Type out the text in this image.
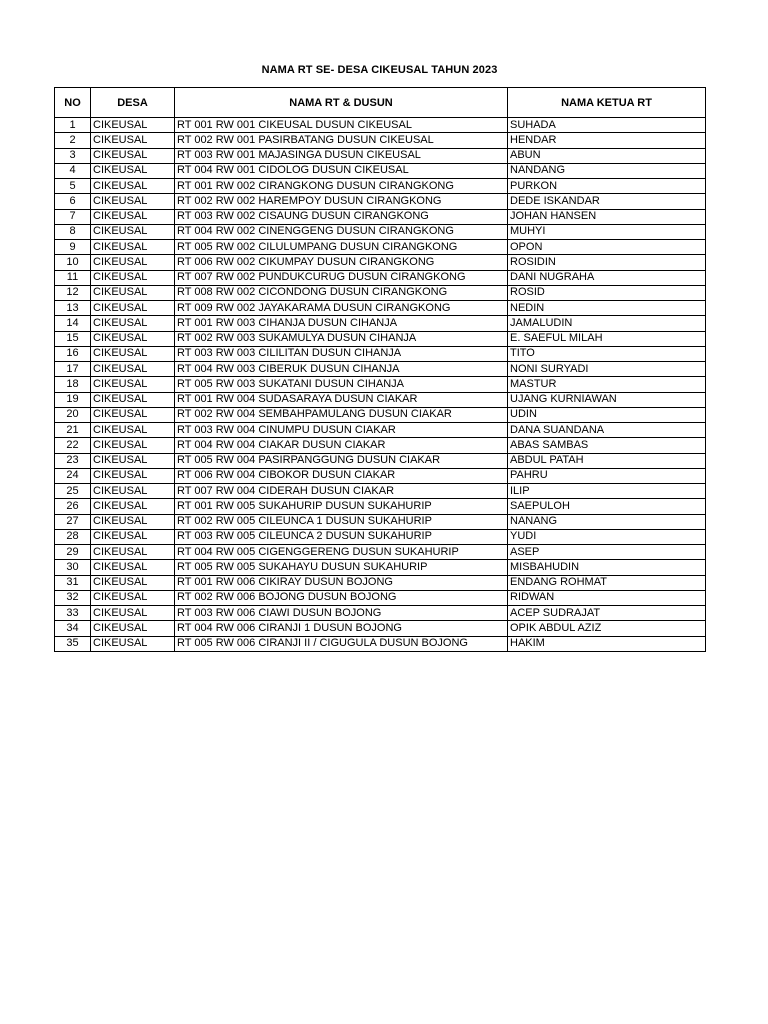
NAMA RT SE- DESA CIKEUSAL TAHUN 2023
NO	DESA	NAMA RT & DUSUN	NAMA KETUA RT
1	CIKEUSAL	RT 001 RW 001 CIKEUSAL DUSUN CIKEUSAL	SUHADA
2	CIKEUSAL	RT 002 RW 001 PASIRBATANG DUSUN CIKEUSAL	HENDAR
3	CIKEUSAL	RT 003 RW 001 MAJASINGA DUSUN CIKEUSAL	ABUN
4	CIKEUSAL	RT 004 RW 001 CIDOLOG DUSUN CIKEUSAL	NANDANG
5	CIKEUSAL	RT 001 RW 002 CIRANGKONG DUSUN CIRANGKONG	PURKON
6	CIKEUSAL	RT 002 RW 002 HAREMPOY DUSUN CIRANGKONG	DEDE ISKANDAR
7	CIKEUSAL	RT 003 RW 002 CISAUNG DUSUN CIRANGKONG	JOHAN HANSEN
8	CIKEUSAL	RT 004 RW 002 CINENGGENG DUSUN CIRANGKONG	MUHYI
9	CIKEUSAL	RT 005 RW 002 CILULUMPANG DUSUN CIRANGKONG	OPON
10	CIKEUSAL	RT 006 RW 002 CIKUMPAY DUSUN CIRANGKONG	ROSIDIN
11	CIKEUSAL	RT 007 RW 002 PUNDUKCURUG DUSUN CIRANGKONG	DANI NUGRAHA
12	CIKEUSAL	RT 008 RW 002 CICONDONG DUSUN CIRANGKONG	ROSID
13	CIKEUSAL	RT 009 RW 002 JAYAKARAMA DUSUN CIRANGKONG	NEDIN
14	CIKEUSAL	RT 001 RW 003 CIHANJA DUSUN CIHANJA	JAMALUDIN
15	CIKEUSAL	RT 002 RW 003 SUKAMULYA DUSUN CIHANJA	E. SAEFUL MILAH
16	CIKEUSAL	RT 003 RW 003 CILILITAN DUSUN CIHANJA	TITO
17	CIKEUSAL	RT 004 RW 003 CIBERUK DUSUN CIHANJA	NONI SURYADI
18	CIKEUSAL	RT 005 RW 003 SUKATANI DUSUN CIHANJA	MASTUR
19	CIKEUSAL	RT 001 RW 004 SUDASARAYA DUSUN CIAKAR	UJANG KURNIAWAN
20	CIKEUSAL	RT 002 RW 004 SEMBAHPAMULANG DUSUN CIAKAR	UDIN
21	CIKEUSAL	RT 003 RW 004 CINUMPU DUSUN CIAKAR	DANA SUANDANA
22	CIKEUSAL	RT 004 RW 004 CIAKAR DUSUN CIAKAR	ABAS SAMBAS
23	CIKEUSAL	RT 005 RW 004 PASIRPANGGUNG DUSUN CIAKAR	ABDUL PATAH
24	CIKEUSAL	RT 006 RW 004 CIBOKOR DUSUN CIAKAR	PAHRU
25	CIKEUSAL	RT 007 RW 004 CIDERAH DUSUN CIAKAR	ILIP
26	CIKEUSAL	RT 001 RW 005 SUKAHURIP DUSUN SUKAHURIP	SAEPULOH
27	CIKEUSAL	RT 002 RW 005 CILEUNCA 1 DUSUN SUKAHURIP	NANANG
28	CIKEUSAL	RT 003 RW 005 CILEUNCA 2 DUSUN SUKAHURIP	YUDI
29	CIKEUSAL	RT 004 RW 005 CIGENGGERENG DUSUN SUKAHURIP	ASEP
30	CIKEUSAL	RT 005 RW 005 SUKAHAYU DUSUN SUKAHURIP	MISBAHUDIN
31	CIKEUSAL	RT 001 RW 006 CIKIRAY DUSUN BOJONG	ENDANG ROHMAT
32	CIKEUSAL	RT 002 RW 006 BOJONG DUSUN BOJONG	RIDWAN
33	CIKEUSAL	RT 003 RW 006 CIAWI DUSUN BOJONG	ACEP SUDRAJAT
34	CIKEUSAL	RT 004 RW 006 CIRANJI 1 DUSUN BOJONG	OPIK ABDUL AZIZ
35	CIKEUSAL	RT 005 RW 006 CIRANJI II / CIGUGULA DUSUN BOJONG	HAKIM
